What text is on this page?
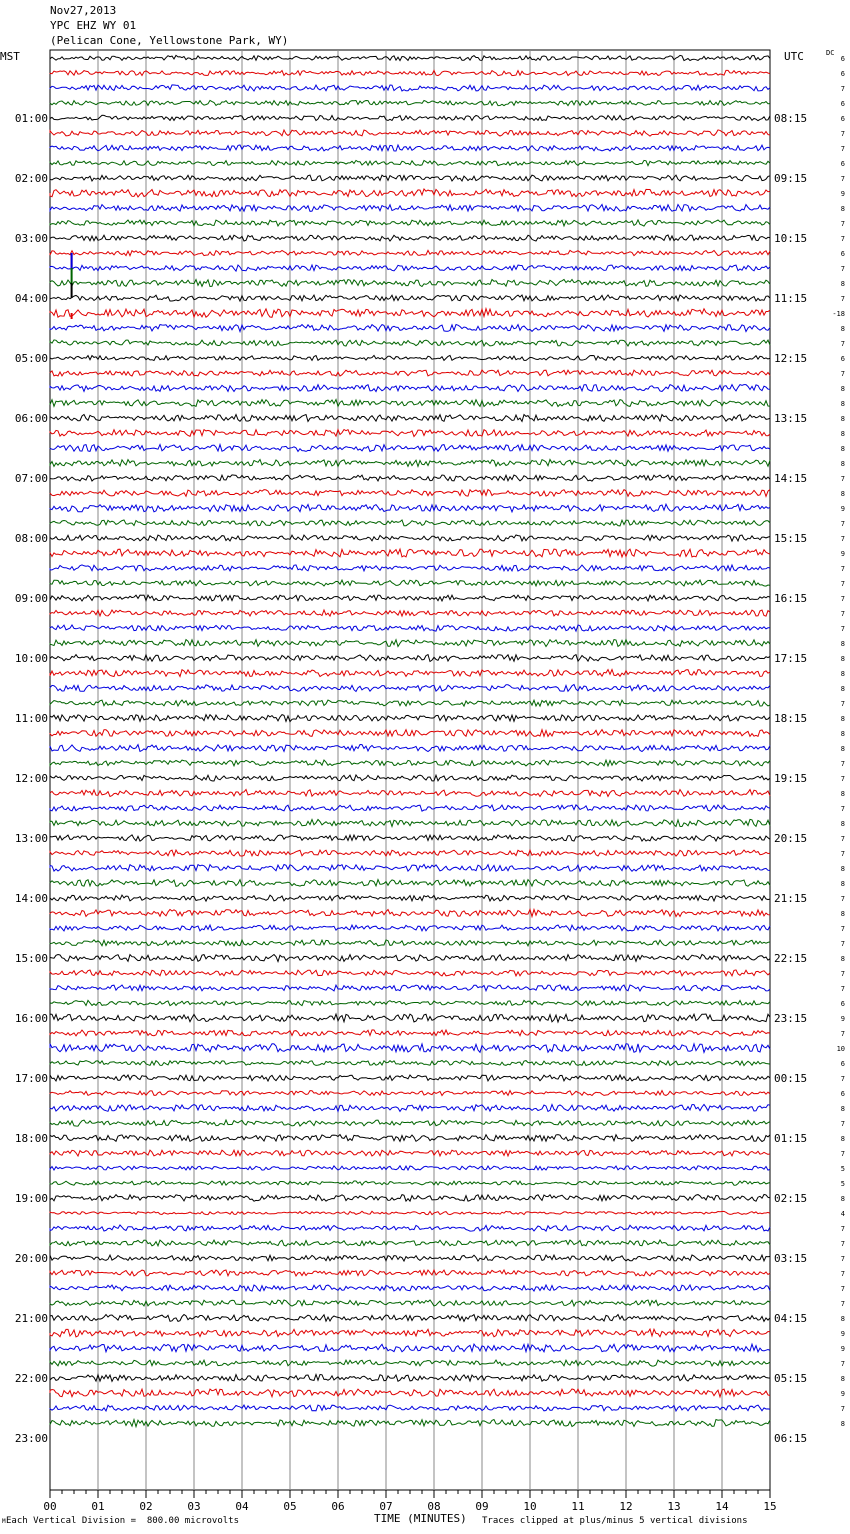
Nov27,2013
YPC EHZ WY 01
(Pelican Cone, Yellowstone Park, WY)
MST	UTC	DC
01:00
02:00
03:00
04:00
05:00
06:00
07:00
08:00
09:00
10:00
11:00
12:00
13:00
14:00
15:00
16:00
17:00
18:00
19:00
20:00
21:00
22:00
23:00
08:15
09:15
10:15
11:15
12:15
13:15
14:15
15:15
16:15
17:15
18:15
19:15
20:15
21:15
22:15
23:15
00:15
01:15
02:15
03:15
04:15
05:15
06:15
6
6
7
6
6
7
7
6
7
9
8
7
7
6
7
8
7
-18
8
7
6
7
8
8
8
8
8
8
7
8
9
7
7
9
7
7
7
7
7
8
8
8
8
7
8
8
8
7
7
8
7
8
7
7
8
8
7
8
7
7
8
7
7
6
9
7
10
6
7
6
8
7
8
7
5
5
8
4
7
7
7
7
7
7
8
9
9
7
8
9
7
8
00	01	02	03	04	05	06	07	08	09	10	11	12	13	14	15
M Each Vertical Division =  800.00 microvolts	TIME (MINUTES) Traces clipped at plus/minus 5 vertical divisions
